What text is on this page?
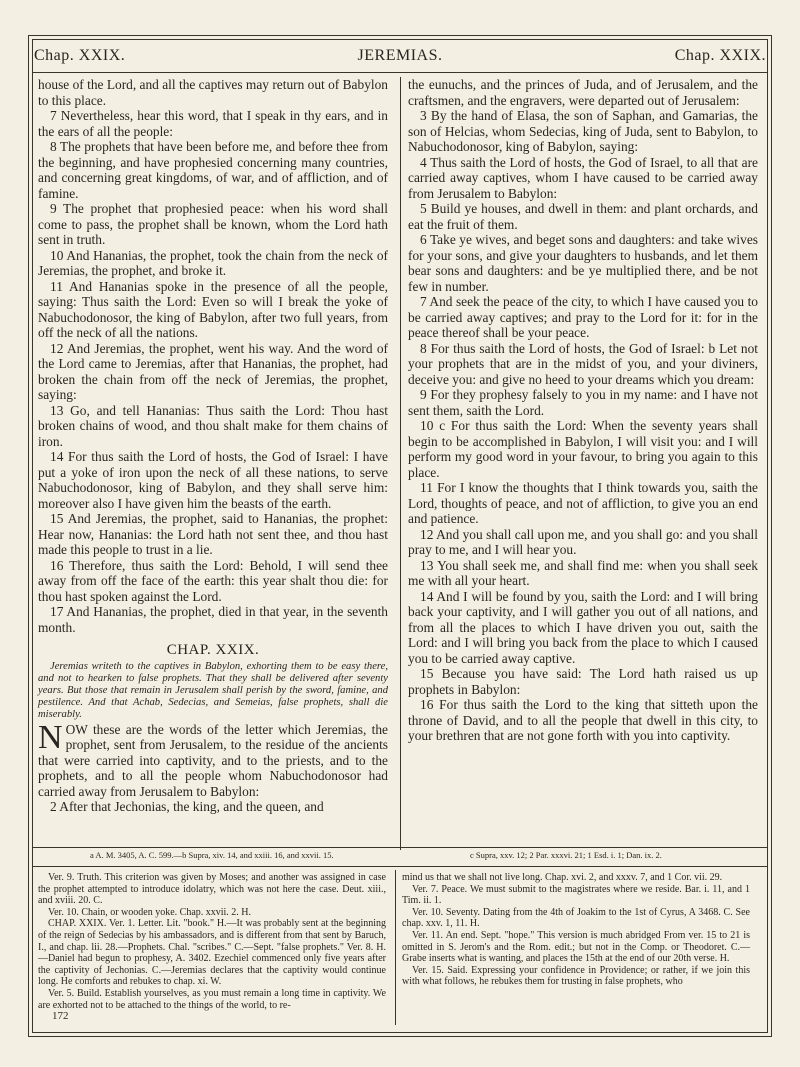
Chap. XXIX.	JEREMIAS.	Chap. XXIX.

house of the Lord, and all the captives may return out of Babylon to this place.

7 Nevertheless, hear this word, that I speak in thy ears, and in the ears of all the people:

8 The prophets that have been before me, and before thee from the beginning, and have prophesied concerning many countries, and concerning great kingdoms, of war, and of affliction, and of famine.

9 The prophet that prophesied peace: when his word shall come to pass, the prophet shall be known, whom the Lord hath sent in truth.

10 And Hananias, the prophet, took the chain from the neck of Jeremias, the prophet, and broke it.

11 And Hananias spoke in the presence of all the people, saying: Thus saith the Lord: Even so will I break the yoke of Nabuchodonosor, the king of Babylon, after two full years, from off the neck of all the nations.

12 And Jeremias, the prophet, went his way. And the word of the Lord came to Jeremias, after that Hananias, the prophet, had broken the chain from off the neck of Jeremias, the prophet, saying:

13 Go, and tell Hananias: Thus saith the Lord: Thou hast broken chains of wood, and thou shalt make for them chains of iron.

14 For thus saith the Lord of hosts, the God of Israel: I have put a yoke of iron upon the neck of all these nations, to serve Nabuchodonosor, king of Babylon, and they shall serve him: moreover also I have given him the beasts of the earth.

15 And Jeremias, the prophet, said to Hananias, the prophet: Hear now, Hananias: the Lord hath not sent thee, and thou hast made this people to trust in a lie.

16 Therefore, thus saith the Lord: Behold, I will send thee away from off the face of the earth: this year shalt thou die: for thou hast spoken against the Lord.

17 And Hananias, the prophet, died in that year, in the seventh month.

CHAP. XXIX.

Jeremias writeth to the captives in Babylon, exhorting them to be easy there, and not to hearken to false prophets. That they shall be delivered after seventy years. But those that remain in Jerusalem shall perish by the sword, famine, and pestilence. And that Achab, Sedecias, and Semeias, false prophets, shall die miserably.

NOW these are the words of the letter which Jeremias, the prophet, sent from Jerusalem, to the residue of the ancients that were carried into captivity, and to the priests, and to the prophets, and to all the people whom Nabuchodonosor had carried away from Jerusalem to Babylon:

2 After that Jechonias, the king, and the queen, and

the eunuchs, and the princes of Juda, and of Jerusalem, and the craftsmen, and the engravers, were departed out of Jerusalem:

3 By the hand of Elasa, the son of Saphan, and Gamarias, the son of Helcias, whom Sedecias, king of Juda, sent to Babylon, to Nabuchodonosor, king of Babylon, saying:

4 Thus saith the Lord of hosts, the God of Israel, to all that are carried away captives, whom I have caused to be carried away from Jerusalem to Babylon:

5 Build ye houses, and dwell in them: and plant orchards, and eat the fruit of them.

6 Take ye wives, and beget sons and daughters: and take wives for your sons, and give your daughters to husbands, and let them bear sons and daughters: and be ye multiplied there, and be not few in number.

7 And seek the peace of the city, to which I have caused you to be carried away captives; and pray to the Lord for it: for in the peace thereof shall be your peace.

8 For thus saith the Lord of hosts, the God of Israel: b Let not your prophets that are in the midst of you, and your diviners, deceive you: and give no heed to your dreams which you dream:

9 For they prophesy falsely to you in my name: and I have not sent them, saith the Lord.

10 c For thus saith the Lord: When the seventy years shall begin to be accomplished in Babylon, I will visit you: and I will perform my good word in your favour, to bring you again to this place.

11 For I know the thoughts that I think towards you, saith the Lord, thoughts of peace, and not of affliction, to give you an end and patience.

12 And you shall call upon me, and you shall go: and you shall pray to me, and I will hear you.

13 You shall seek me, and shall find me: when you shall seek me with all your heart.

14 And I will be found by you, saith the Lord: and I will bring back your captivity, and I will gather you out of all nations, and from all the places to which I have driven you out, saith the Lord: and I will bring you back from the place to which I caused you to be carried away captive.

15 Because you have said: The Lord hath raised us up prophets in Babylon:

16 For thus saith the Lord to the king that sitteth upon the throne of David, and to all the people that dwell in this city, to your brethren that are not gone forth with you into captivity.

a A. M. 3405, A. C. 599.—b Supra, xiv. 14, and xxiii. 16, and xxvii. 15.	c Supra, xxv. 12; 2 Par. xxxvi. 21; 1 Esd. i. 1; Dan. ix. 2.

Ver. 9. Truth. This criterion was given by Moses; and another was assigned in case the prophet attempted to introduce idolatry, which was not here the case. Deut. xiii., and xviii. 20. C.

Ver. 10. Chain, or wooden yoke. Chap. xxvii. 2. H.

CHAP. XXIX. Ver. 1. Letter. Lit. "book." H.—It was probably sent at the beginning of the reign of Sedecias by his ambassadors, and is different from that sent by Baruch, I., and chap. lii. 28.—Prophets. Chal. "scribes." C.—Sept. "false prophets." Ver. 8. H.—Daniel had begun to prophesy, A. 3402. Ezechiel commenced only five years after the captivity of Jechonias. C.—Jeremias declares that the captivity would continue long. He comforts and rebukes to chap. xi. W.

Ver. 5. Build. Establish yourselves, as you must remain a long time in captivity. We are exhorted not to be attached to the things of the world, to re-

mind us that we shall not live long. Chap. xvi. 2, and xxxv. 7, and 1 Cor. vii. 29.

Ver. 7. Peace. We must submit to the magistrates where we reside. Bar. i. 11, and 1 Tim. ii. 1.

Ver. 10. Seventy. Dating from the 4th of Joakim to the 1st of Cyrus, A 3468. C. See chap. xxv. 1, 11. H.

Ver. 11. An end. Sept. "hope." This version is much abridged From ver. 15 to 21 is omitted in S. Jerom's and the Rom. edit.; but not in the Comp. or Theodoret. C.—Grabe inserts what is wanting, and places the 15th at the end of our 20th verse. H.

Ver. 15. Said. Expressing your confidence in Providence; or rather, if we join this with what follows, he rebukes them for trusting in false prophets, who

172
